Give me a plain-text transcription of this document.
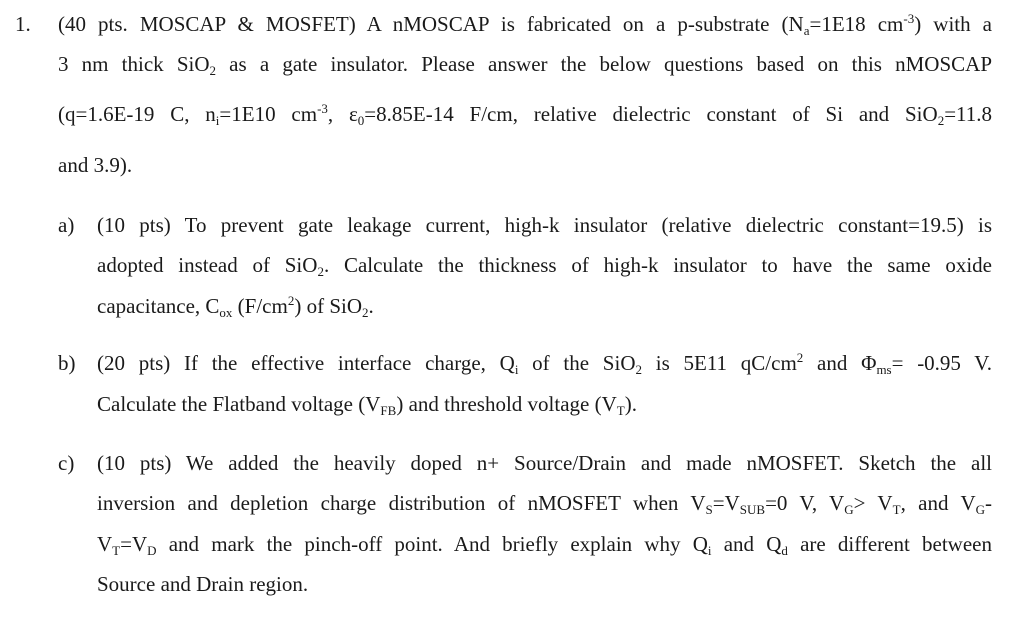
1. (40 pts. MOSCAP & MOSFET) A nMOSCAP is fabricated on a p-substrate ($N_a=1E18$ $cm^{-3}$) with a
3 nm thick SiO$_2$ as a gate insulator. Please answer the below questions based on this nMOSCAP
(q=1.6E-19 C, $n_i=1E10$ $cm^{-3}$, $\varepsilon_0=8.85E-14$ F/cm, relative dielectric constant of Si and SiO$_2$=11.8
and 3.9).
a) (10 pts) To prevent gate leakage current, high-k insulator (relative dielectric constant=19.5) is
adopted instead of SiO$_2$. Calculate the thickness of high-k insulator to have the same oxide
capacitance, $C_{ox}$ $(F/cm^2)$ of SiO$_2$.
b) (20 pts) If the effective interface charge, $Q_i$ of the SiO$_2$ is 5E11 $qC/cm^2$ and $\Phi_{ms}= -0.95$ V.
Calculate the Flatband voltage $(V_{FB})$ and threshold voltage $(V_T)$.
c) (10 pts) We added the heavily doped n+ Source/Drain and made nMOSFET. Sketch the all
inversion and depletion charge distribution of nMOSFET when $V_S=V_{SUB}=0$ V, $V_G> V_T$, and $V_G-$
$V_T=V_D$ and mark the pinch-off point. And briefly explain why $Q_i$ and $Q_d$ are different between
Source and Drain region.
